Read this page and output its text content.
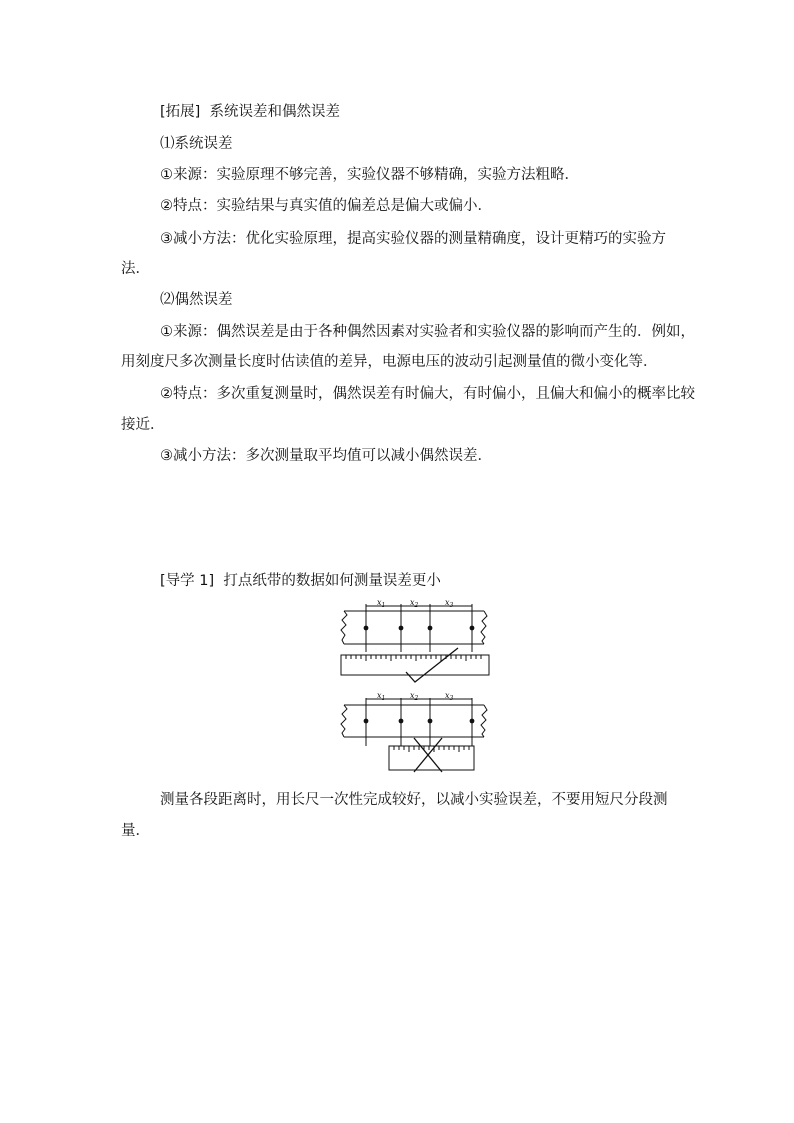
[拓展] 系统误差和偶然误差
⑴系统误差
①来源：实验原理不够完善，实验仪器不够精确，实验方法粗略．
②特点：实验结果与真实值的偏差总是偏大或偏小．
③减小方法：优化实验原理，提高实验仪器的测量精确度，设计更精巧的实验方
法．
⑵偶然误差
①来源：偶然误差是由于各种偶然因素对实验者和实验仪器的影响而产生的．例如，
用刻度尺多次测量长度时估读值的差异，电源电压的波动引起测量值的微小变化等．
②特点：多次重复测量时，偶然误差有时偏大，有时偏小，且偏大和偏小的概率比较
接近．
③减小方法：多次测量取平均值可以减小偶然误差．
[导学 1] 打点纸带的数据如何测量误差更小
$x_1$	$x_2$	$x_3$
$x_1$	$x_2$	$x_3$
测量各段距离时，用长尺一次性完成较好，以减小实验误差，不要用短尺分段测
量．
